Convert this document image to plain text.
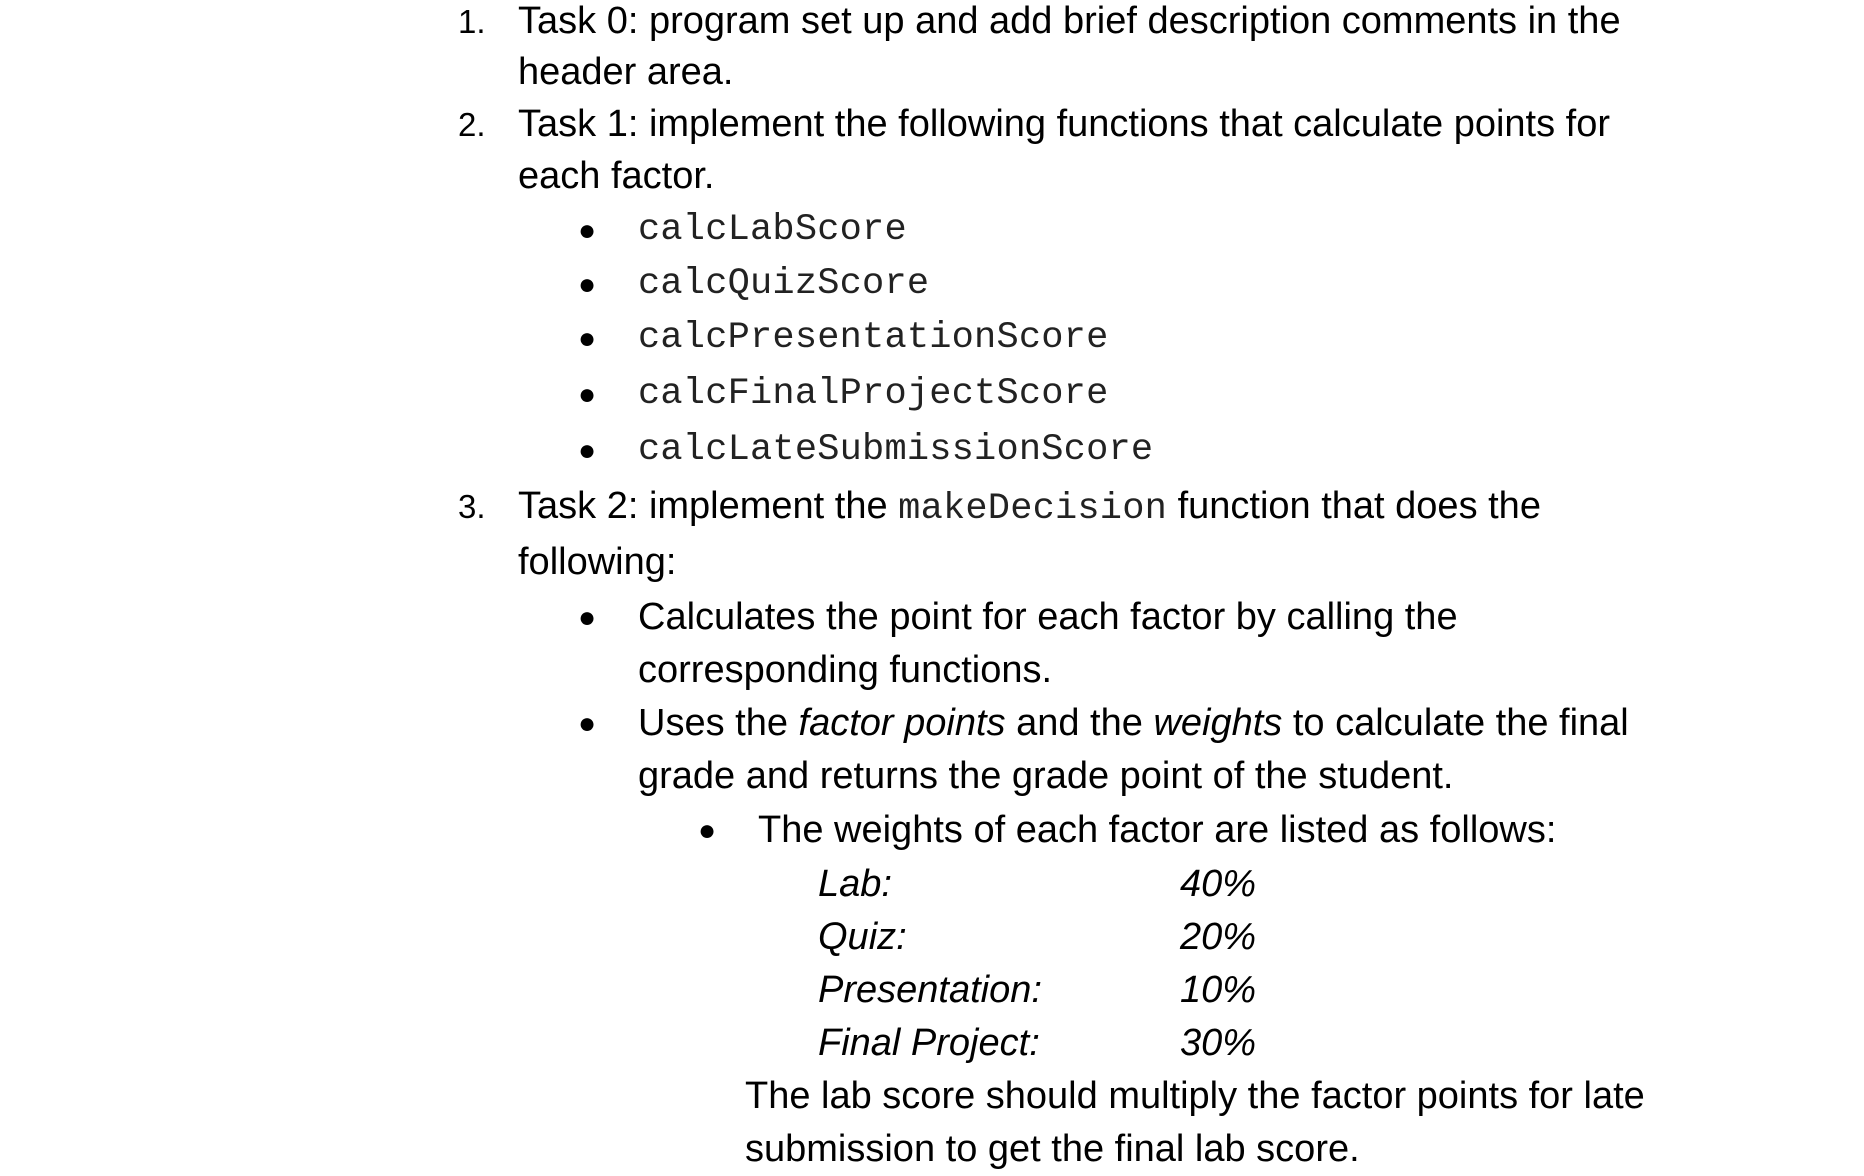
1. Task 0: program set up and add brief description comments in the
header area.
2. Task 1: implement the following functions that calculate points for
each factor.
● calcLabScore
● calcQuizScore
● calcPresentationScore
● calcFinalProjectScore
● calcLateSubmissionScore
3. Task 2: implement the makeDecision function that does the
following:
● Calculates the point for each factor by calling the
corresponding functions.
● Uses the factor points and the weights to calculate the final
grade and returns the grade point of the student.
● The weights of each factor are listed as follows:
Lab:	40%
Quiz:	20%
Presentation:	10%
Final Project:	30%
The lab score should multiply the factor points for late
submission to get the final lab score.
